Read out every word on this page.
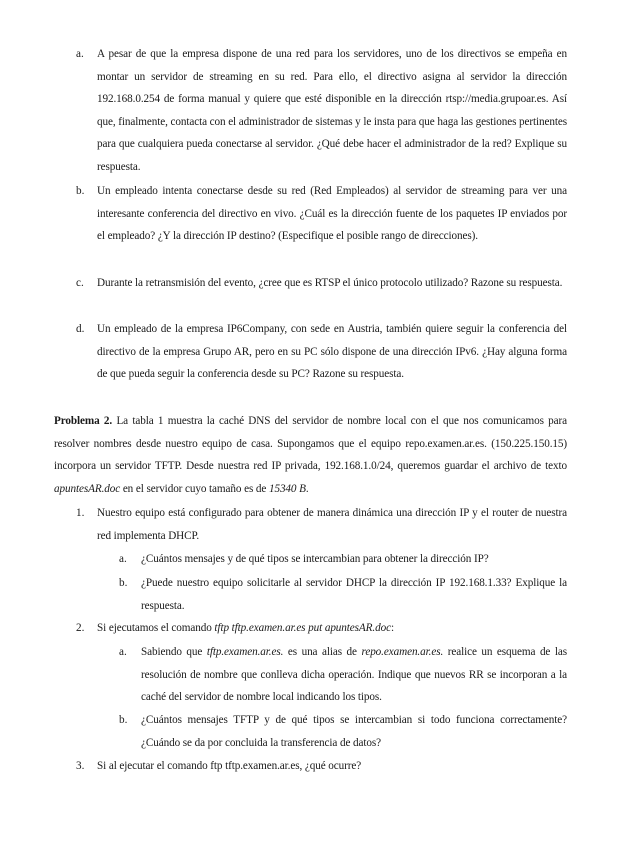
a. A pesar de que la empresa dispone de una red para los servidores, uno de los directivos se empeña en montar un servidor de streaming en su red. Para ello, el directivo asigna al servidor la dirección 192.168.0.254 de forma manual y quiere que esté disponible en la dirección rtsp://media.grupoar.es. Así que, finalmente, contacta con el administrador de sistemas y le insta para que haga las gestiones pertinentes para que cualquiera pueda conectarse al servidor. ¿Qué debe hacer el administrador de la red? Explique su respuesta.
b. Un empleado intenta conectarse desde su red (Red Empleados) al servidor de streaming para ver una interesante conferencia del directivo en vivo. ¿Cuál es la dirección fuente de los paquetes IP enviados por el empleado? ¿Y la dirección IP destino? (Especifique el posible rango de direcciones).
c. Durante la retransmisión del evento, ¿cree que es RTSP el único protocolo utilizado? Razone su respuesta.
d. Un empleado de la empresa IP6Company, con sede en Austria, también quiere seguir la conferencia del directivo de la empresa Grupo AR, pero en su PC sólo dispone de una dirección IPv6. ¿Hay alguna forma de que pueda seguir la conferencia desde su PC? Razone su respuesta.
Problema 2. La tabla 1 muestra la caché DNS del servidor de nombre local con el que nos comunicamos para resolver nombres desde nuestro equipo de casa. Supongamos que el equipo repo.examen.ar.es. (150.225.150.15) incorpora un servidor TFTP. Desde nuestra red IP privada, 192.168.1.0/24, queremos guardar el archivo de texto apuntesAR.doc en el servidor cuyo tamaño es de 15340 B.
1. Nuestro equipo está configurado para obtener de manera dinámica una dirección IP y el router de nuestra red implementa DHCP.
a. ¿Cuántos mensajes y de qué tipos se intercambian para obtener la dirección IP?
b. ¿Puede nuestro equipo solicitarle al servidor DHCP la dirección IP 192.168.1.33? Explique la respuesta.
2. Si ejecutamos el comando tftp tftp.examen.ar.es put apuntesAR.doc:
a. Sabiendo que tftp.examen.ar.es. es una alias de repo.examen.ar.es. realice un esquema de las resolución de nombre que conlleva dicha operación. Indique que nuevos RR se incorporan a la caché del servidor de nombre local indicando los tipos.
b. ¿Cuántos mensajes TFTP y de qué tipos se intercambian si todo funciona correctamente? ¿Cuándo se da por concluida la transferencia de datos?
3. Si al ejecutar el comando ftp tftp.examen.ar.es, ¿qué ocurre?
